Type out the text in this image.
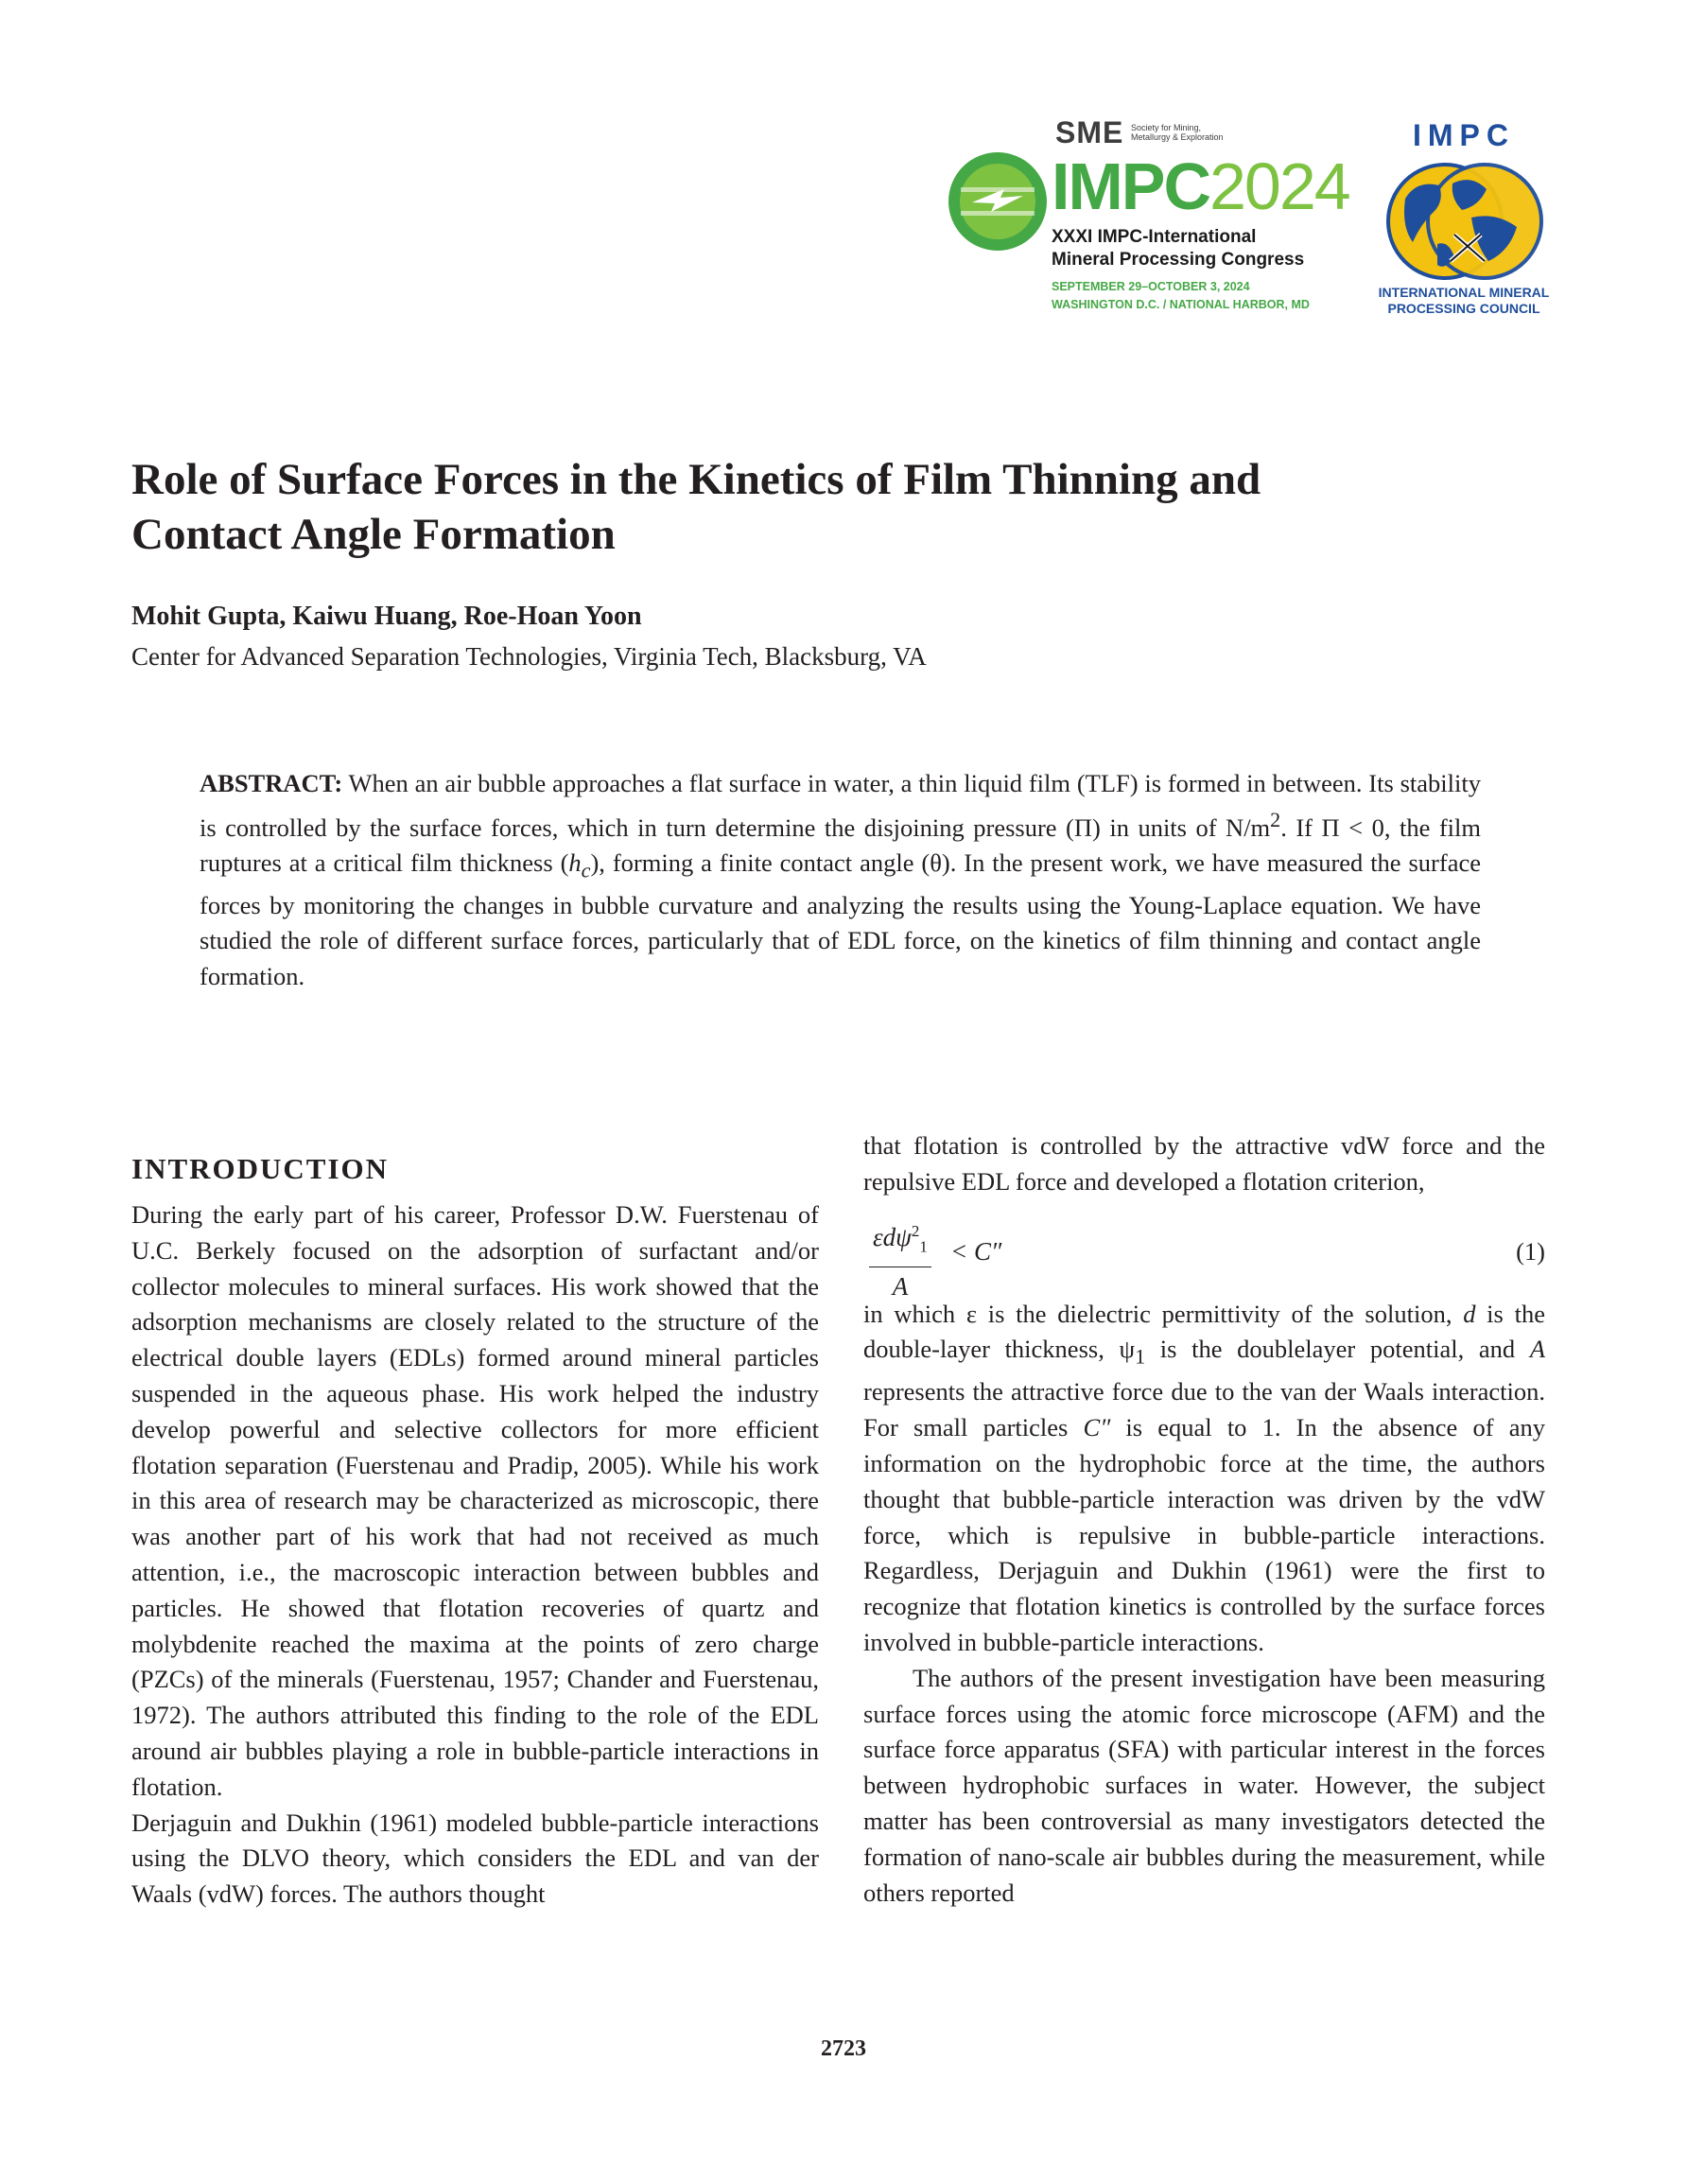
SME Society for Mining, Metallurgy & Exploration
IMPC2024
XXXI IMPC-International
Mineral Processing Congress
SEPTEMBER 29–OCTOBER 3, 2024
WASHINGTON D.C. / NATIONAL HARBOR, MD
IMPC
INTERNATIONAL MINERAL
PROCESSING COUNCIL
Role of Surface Forces in the Kinetics of Film Thinning and Contact Angle Formation
Mohit Gupta, Kaiwu Huang, Roe-Hoan Yoon
Center for Advanced Separation Technologies, Virginia Tech, Blacksburg, VA
ABSTRACT: When an air bubble approaches a flat surface in water, a thin liquid film (TLF) is formed in between. Its stability is controlled by the surface forces, which in turn determine the disjoining pressure (Π) in units of $N/m^2$. If Π < 0, the film ruptures at a critical film thickness $(h_c)$, forming a finite contact angle (θ). In the present work, we have measured the surface forces by monitoring the changes in bubble curvature and analyzing the results using the Young-Laplace equation. We have studied the role of different surface forces, particularly that of EDL force, on the kinetics of film thinning and contact angle formation.
INTRODUCTION
During the early part of his career, Professor D.W. Fuerstenau of U.C. Berkely focused on the adsorption of surfactant and/or collector molecules to mineral surfaces. His work showed that the adsorption mechanisms are closely related to the structure of the electrical double layers (EDLs) formed around mineral particles suspended in the aqueous phase. His work helped the industry develop powerful and selective collectors for more efficient flotation separation (Fuerstenau and Pradip, 2005). While his work in this area of research may be characterized as microscopic, there was another part of his work that had not received as much attention, i.e., the macroscopic interaction between bubbles and particles. He showed that flotation recoveries of quartz and molybdenite reached the maxima at the points of zero charge (PZCs) of the minerals (Fuerstenau, 1957; Chander and Fuerstenau, 1972). The authors attributed this finding to the role of the EDL around air bubbles playing a role in bubble-particle interactions in flotation.
Derjaguin and Dukhin (1961) modeled bubble-particle interactions using the DLVO theory, which considers the EDL and van der Waals (vdW) forces. The authors thought
that flotation is controlled by the attractive vdW force and the repulsive EDL force and developed a flotation criterion,
εdψ$^2_1$
A
< C″	(1)
in which ε is the dielectric permittivity of the solution, d is the double-layer thickness, $\psi_1$ is the doublelayer potential, and A represents the attractive force due to the van der Waals interaction. For small particles C″ is equal to 1. In the absence of any information on the hydrophobic force at the time, the authors thought that bubble-particle interaction was driven by the vdW force, which is repulsive in bubble-particle interactions. Regardless, Derjaguin and Dukhin (1961) were the first to recognize that flotation kinetics is controlled by the surface forces involved in bubble-particle interactions.
The authors of the present investigation have been measuring surface forces using the atomic force microscope (AFM) and the surface force apparatus (SFA) with particular interest in the forces between hydrophobic surfaces in water. However, the subject matter has been controversial as many investigators detected the formation of nano-scale air bubbles during the measurement, while others reported
2723
